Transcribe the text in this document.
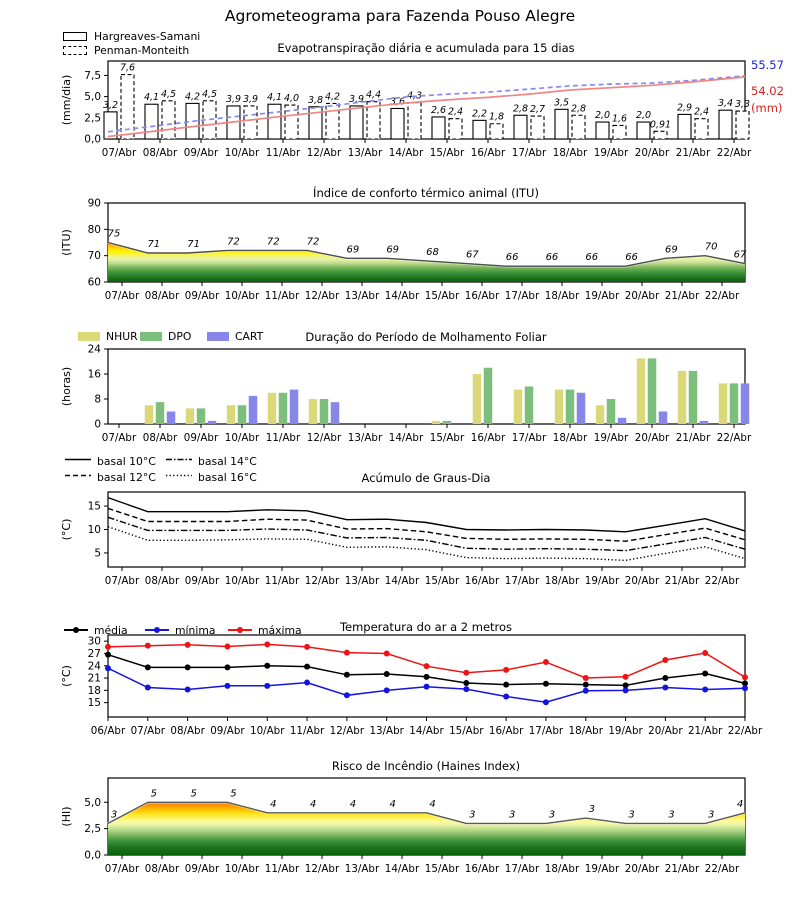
0,0
2,5
5,0
7,5
(mm/dia)
07/Abr 08/Abr 09/Abr 10/Abr 11/Abr 12/Abr 13/Abr 14/Abr 15/Abr 16/Abr 17/Abr 18/Abr 19/Abr 20/Abr 21/Abr 22/Abr
3,2
4,1	4,2	3,9	4,1	3,8	3,9	3,6
2,6	2,2	2,8
3,5
2,0	2,0
2,9	3,4
7,6
4,5	4,5	3,9	4,0	4,2	4,4	4,3
2,4	1,8
2,7	2,8
1,6
0,91
2,4
3,3
60
70
80
90
(ITU)
07/Abr 08/Abr 09/Abr 10/Abr 11/Abr 12/Abr 13/Abr 14/Abr 15/Abr 16/Abr 17/Abr 18/Abr 19/Abr 20/Abr 21/Abr 22/Abr
75
71	71	72	72	72
69	69	68	67	66	66	66	66
69	70
67
0
8
16
24
(horas)
07/Abr 08/Abr 09/Abr 10/Abr 11/Abr 12/Abr 13/Abr 14/Abr 15/Abr 16/Abr 17/Abr 18/Abr 19/Abr 20/Abr 21/Abr 22/Abr
5
10
15
(°C)
07/Abr 08/Abr 09/Abr 10/Abr 11/Abr 12/Abr 13/Abr 14/Abr 15/Abr 16/Abr 17/Abr 18/Abr 19/Abr 20/Abr 21/Abr 22/Abr
15
18
21
24
27
30
(°C)
06/Abr 07/Abr 08/Abr 09/Abr 10/Abr 11/Abr 12/Abr 13/Abr 14/Abr 15/Abr 16/Abr 17/Abr 18/Abr 19/Abr 20/Abr 21/Abr 22/Abr
0,0
2,5
5,0
(HI)
07/Abr 08/Abr 09/Abr 10/Abr 11/Abr 12/Abr 13/Abr 14/Abr 15/Abr 16/Abr 17/Abr 18/Abr 19/Abr 20/Abr 21/Abr 22/Abr
3
5	5	5
4	4	4	4	4
3	3	3	3	3	3	3
4
Agrometeograma para Fazenda Pouso Alegre
Evapotranspiração diária e acumulada para 15 dias
Índice de conforto térmico animal (ITU)
Duração do Período de Molhamento Foliar
Acúmulo de Graus-Dia
Temperatura do ar a 2 metros
Risco de Incêndio (Haines Index)
Hargreaves-Samani
Penman-Monteith
55.57
54.02
(mm)
NHUR	DPO	CART
basal 10°C
basal 12°C
basal 14°C
basal 16°C
média	mínima	máxima
